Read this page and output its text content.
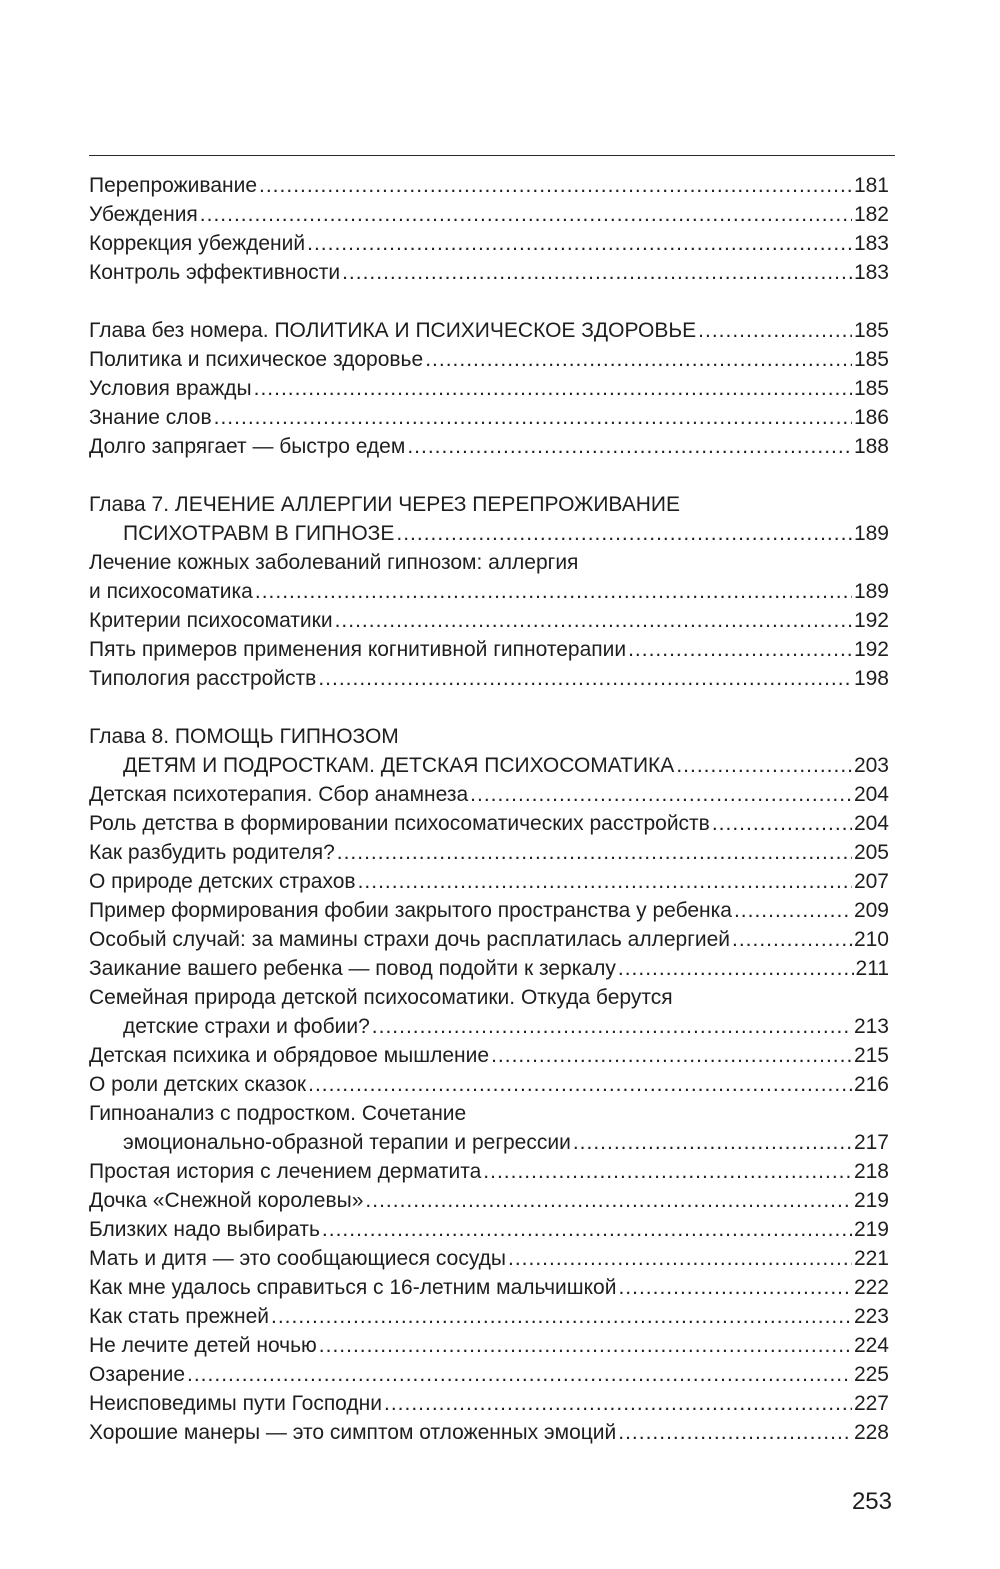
Перепроживание .....	181
Убеждения .....	182
Коррекция убеждений .....	183
Контроль эффективности .....	183
Глава без номера. ПОЛИТИКА И ПСИХИЧЕСКОЕ ЗДОРОВЬЕ .....	185
Политика и психическое здоровье .....	185
Условия вражды .....	185
Знание слов .....	186
Долго запрягает — быстро едем .....	188
Глава 7. ЛЕЧЕНИЕ АЛЛЕРГИИ ЧЕРЕЗ ПЕРЕПРОЖИВАНИЕ
ПСИХОТРАВМ В ГИПНОЗЕ .....	189
Лечение кожных заболеваний гипнозом: аллергия
и психосоматика .....	189
Критерии психосоматики .....	192
Пять примеров применения когнитивной гипнотерапии .....	192
Типология расстройств .....	198
Глава 8. ПОМОЩЬ ГИПНОЗОМ
ДЕТЯМ И ПОДРОСТКАМ. ДЕТСКАЯ ПСИХОСОМАТИКА .....	203
Детская психотерапия. Сбор анамнеза .....	204
Роль детства в формировании психосоматических расстройств .....	204
Как разбудить родителя? .....	205
О природе детских страхов .....	207
Пример формирования фобии закрытого пространства у ребенка .....	209
Особый случай: за мамины страхи дочь расплатилась аллергией .....	210
Заикание вашего ребенка — повод подойти к зеркалу .....	211
Семейная природа детской психосоматики. Откуда берутся
детские страхи и фобии? .....	213
Детская психика и обрядовое мышление .....	215
О роли детских сказок .....	216
Гипноанализ с подростком. Сочетание
эмоционально-образной терапии и регрессии .....	217
Простая история с лечением дерматита .....	218
Дочка «Снежной королевы» .....	219
Близких надо выбирать .....	219
Мать и дитя — это сообщающиеся сосуды .....	221
Как мне удалось справиться с 16-летним мальчишкой .....	222
Как стать прежней .....	223
Не лечите детей ночью .....	224
Озарение .....	225
Неисповедимы пути Господни .....	227
Хорошие манеры — это симптом отложенных эмоций .....	228
253
